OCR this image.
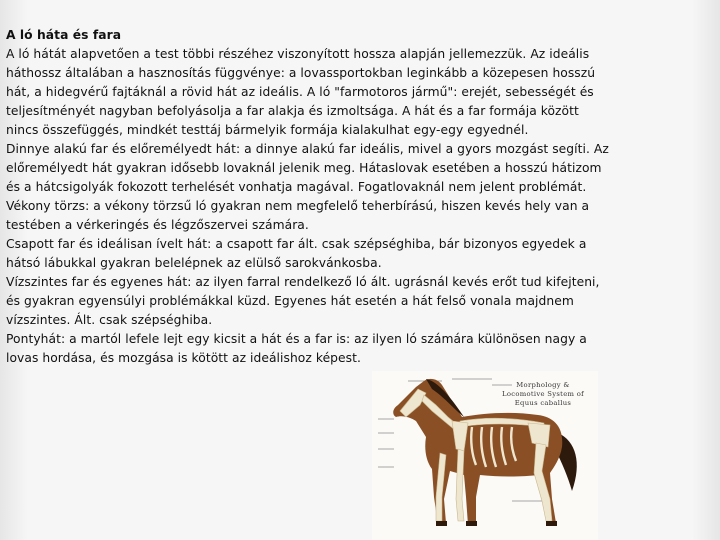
A ló háta és fara

A ló hátát alapvetően a test többi részéhez viszonyított hossza alapján jellemezzük. Az ideális háthossz általában a hasznosítás függvénye: a lovassportokban leginkább a közepesen hosszú hát, a hidegvérű fajtáknál a rövid hát az ideális. A ló "farmotoros jármű": erejét, sebességét és teljesítményét nagyban befolyásolja a far alakja és izmoltsága. A hát és a far formája között nincs összefüggés, mindkét testtáj bármelyik formája kialakulhat egy-egy egyednél.

Dinnye alakú far és előremélyedt hát: a dinnye alakú far ideális, mivel a gyors mozgást segíti. Az előremélyedt hát gyakran idősebb lovaknál jelenik meg. Hátaslovak esetében a hosszú hátizom és a hátcsigolyák fokozott terhelését vonhatja magával. Fogatlovaknál nem jelent problémát.

Vékony törzs: a vékony törzsű ló gyakran nem megfelelő teherbírású, hiszen kevés hely van a testében a vérkeringés és légzőszervei számára.

Csapott far és ideálisan ívelt hát: a csapott far ált. csak szépséghiba, bár bizonyos egyedek a hátsó lábukkal gyakran belelépnek az elülső sarokvánkosba.

Vízszintes far és egyenes hát: az ilyen farral rendelkező ló ált. ugrásnál kevés erőt tud kifejteni, és gyakran egyensúlyi problémákkal küzd. Egyenes hát esetén a hát felső vonala majdnem vízszintes. Ált. csak szépséghiba.

Pontyhát: a martól lefele lejt egy kicsit a hát és a far is: az ilyen ló számára különösen nagy a lovas hordása, és mozgása is kötött az ideálishoz képest.

Morphology &
Locomotive System of
Equus caballus
